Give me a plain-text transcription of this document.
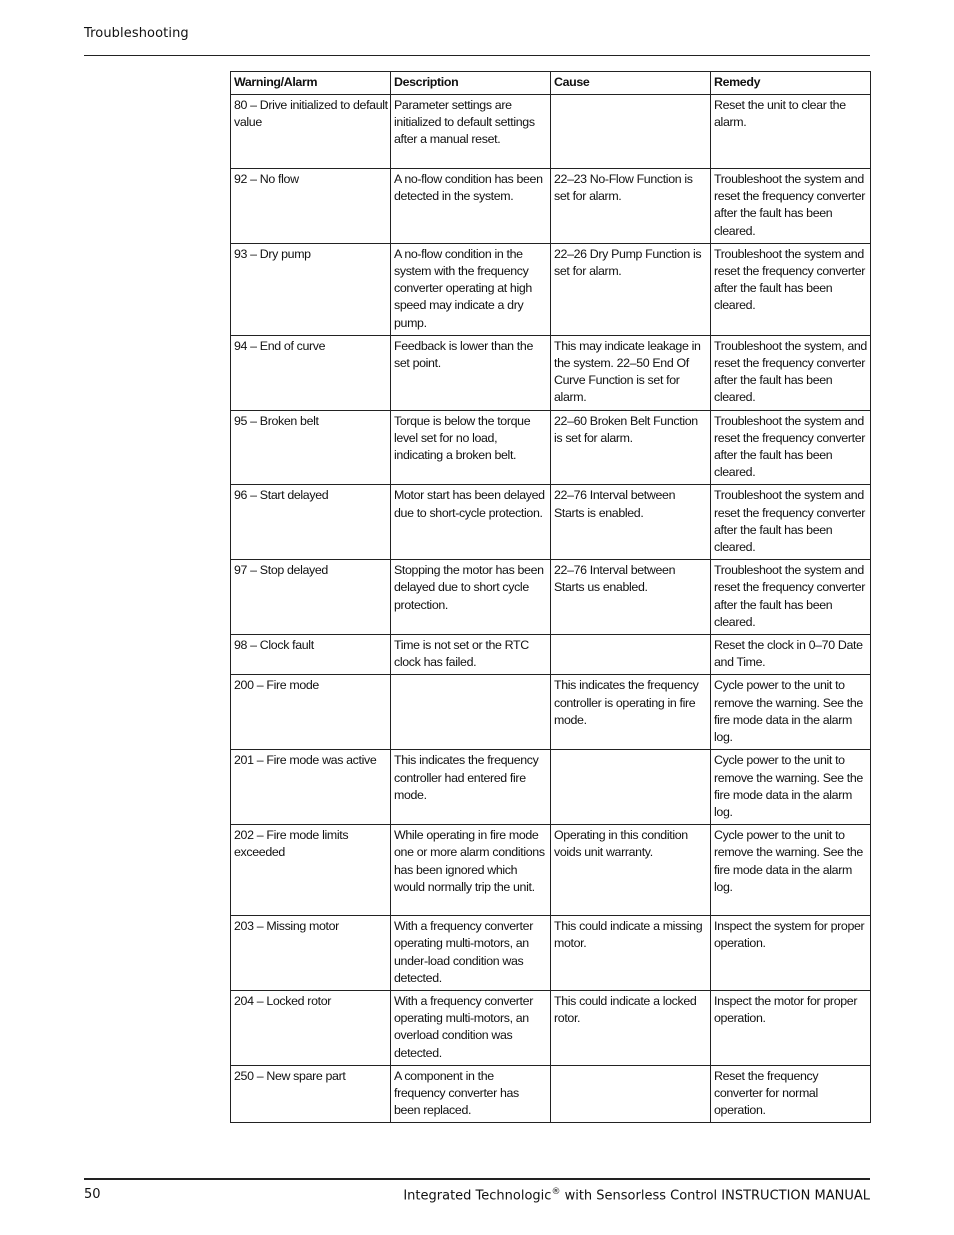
Troubleshooting
Warning/Alarm	Description	Cause	Remedy
80 – Drive initialized to default value	Parameter settings are initialized to default settings after a manual reset.		Reset the unit to clear the alarm.
92 – No flow	A no-flow condition has been detected in the system.	22–23 No-Flow Function is set for alarm.	Troubleshoot the system and reset the frequency converter after the fault has been cleared.
93 – Dry pump	A no-flow condition in the system with the frequency converter operating at high speed may indicate a dry pump.	22–26 Dry Pump Function is set for alarm.	Troubleshoot the system and reset the frequency converter after the fault has been cleared.
94 – End of curve	Feedback is lower than the set point.	This may indicate leakage in the system. 22–50 End Of Curve Function is set for alarm.	Troubleshoot the system, and reset the frequency converter after the fault has been cleared.
95 – Broken belt	Torque is below the torque level set for no load, indicating a broken belt.	22–60 Broken Belt Function is set for alarm.	Troubleshoot the system and reset the frequency converter after the fault has been cleared.
96 – Start delayed	Motor start has been delayed due to short-cycle protection.	22–76 Interval between Starts is enabled.	Troubleshoot the system and reset the frequency converter after the fault has been cleared.
97 – Stop delayed	Stopping the motor has been delayed due to short cycle protection.	22–76 Interval between Starts us enabled.	Troubleshoot the system and reset the frequency converter after the fault has been cleared.
98 – Clock fault	Time is not set or the RTC clock has failed.		Reset the clock in 0–70 Date and Time.
200 – Fire mode		This indicates the frequency controller is operating in fire mode.	Cycle power to the unit to remove the warning. See the fire mode data in the alarm log.
201 – Fire mode was active	This indicates the frequency controller had entered fire mode.		Cycle power to the unit to remove the warning. See the fire mode data in the alarm log.
202 – Fire mode limits exceeded	While operating in fire mode one or more alarm conditions has been ignored which would normally trip the unit.	Operating in this condition voids unit warranty.	Cycle power to the unit to remove the warning. See the fire mode data in the alarm log.
203 – Missing motor	With a frequency converter operating multi-motors, an under-load condition was detected.	This could indicate a missing motor.	Inspect the system for proper operation.
204 – Locked rotor	With a frequency converter operating multi-motors, an overload condition was detected.	This could indicate a locked rotor.	Inspect the motor for proper operation.
250 – New spare part	A component in the frequency converter has been replaced.		Reset the frequency converter for normal operation.
50	Integrated Technologic® with Sensorless Control INSTRUCTION MANUAL
